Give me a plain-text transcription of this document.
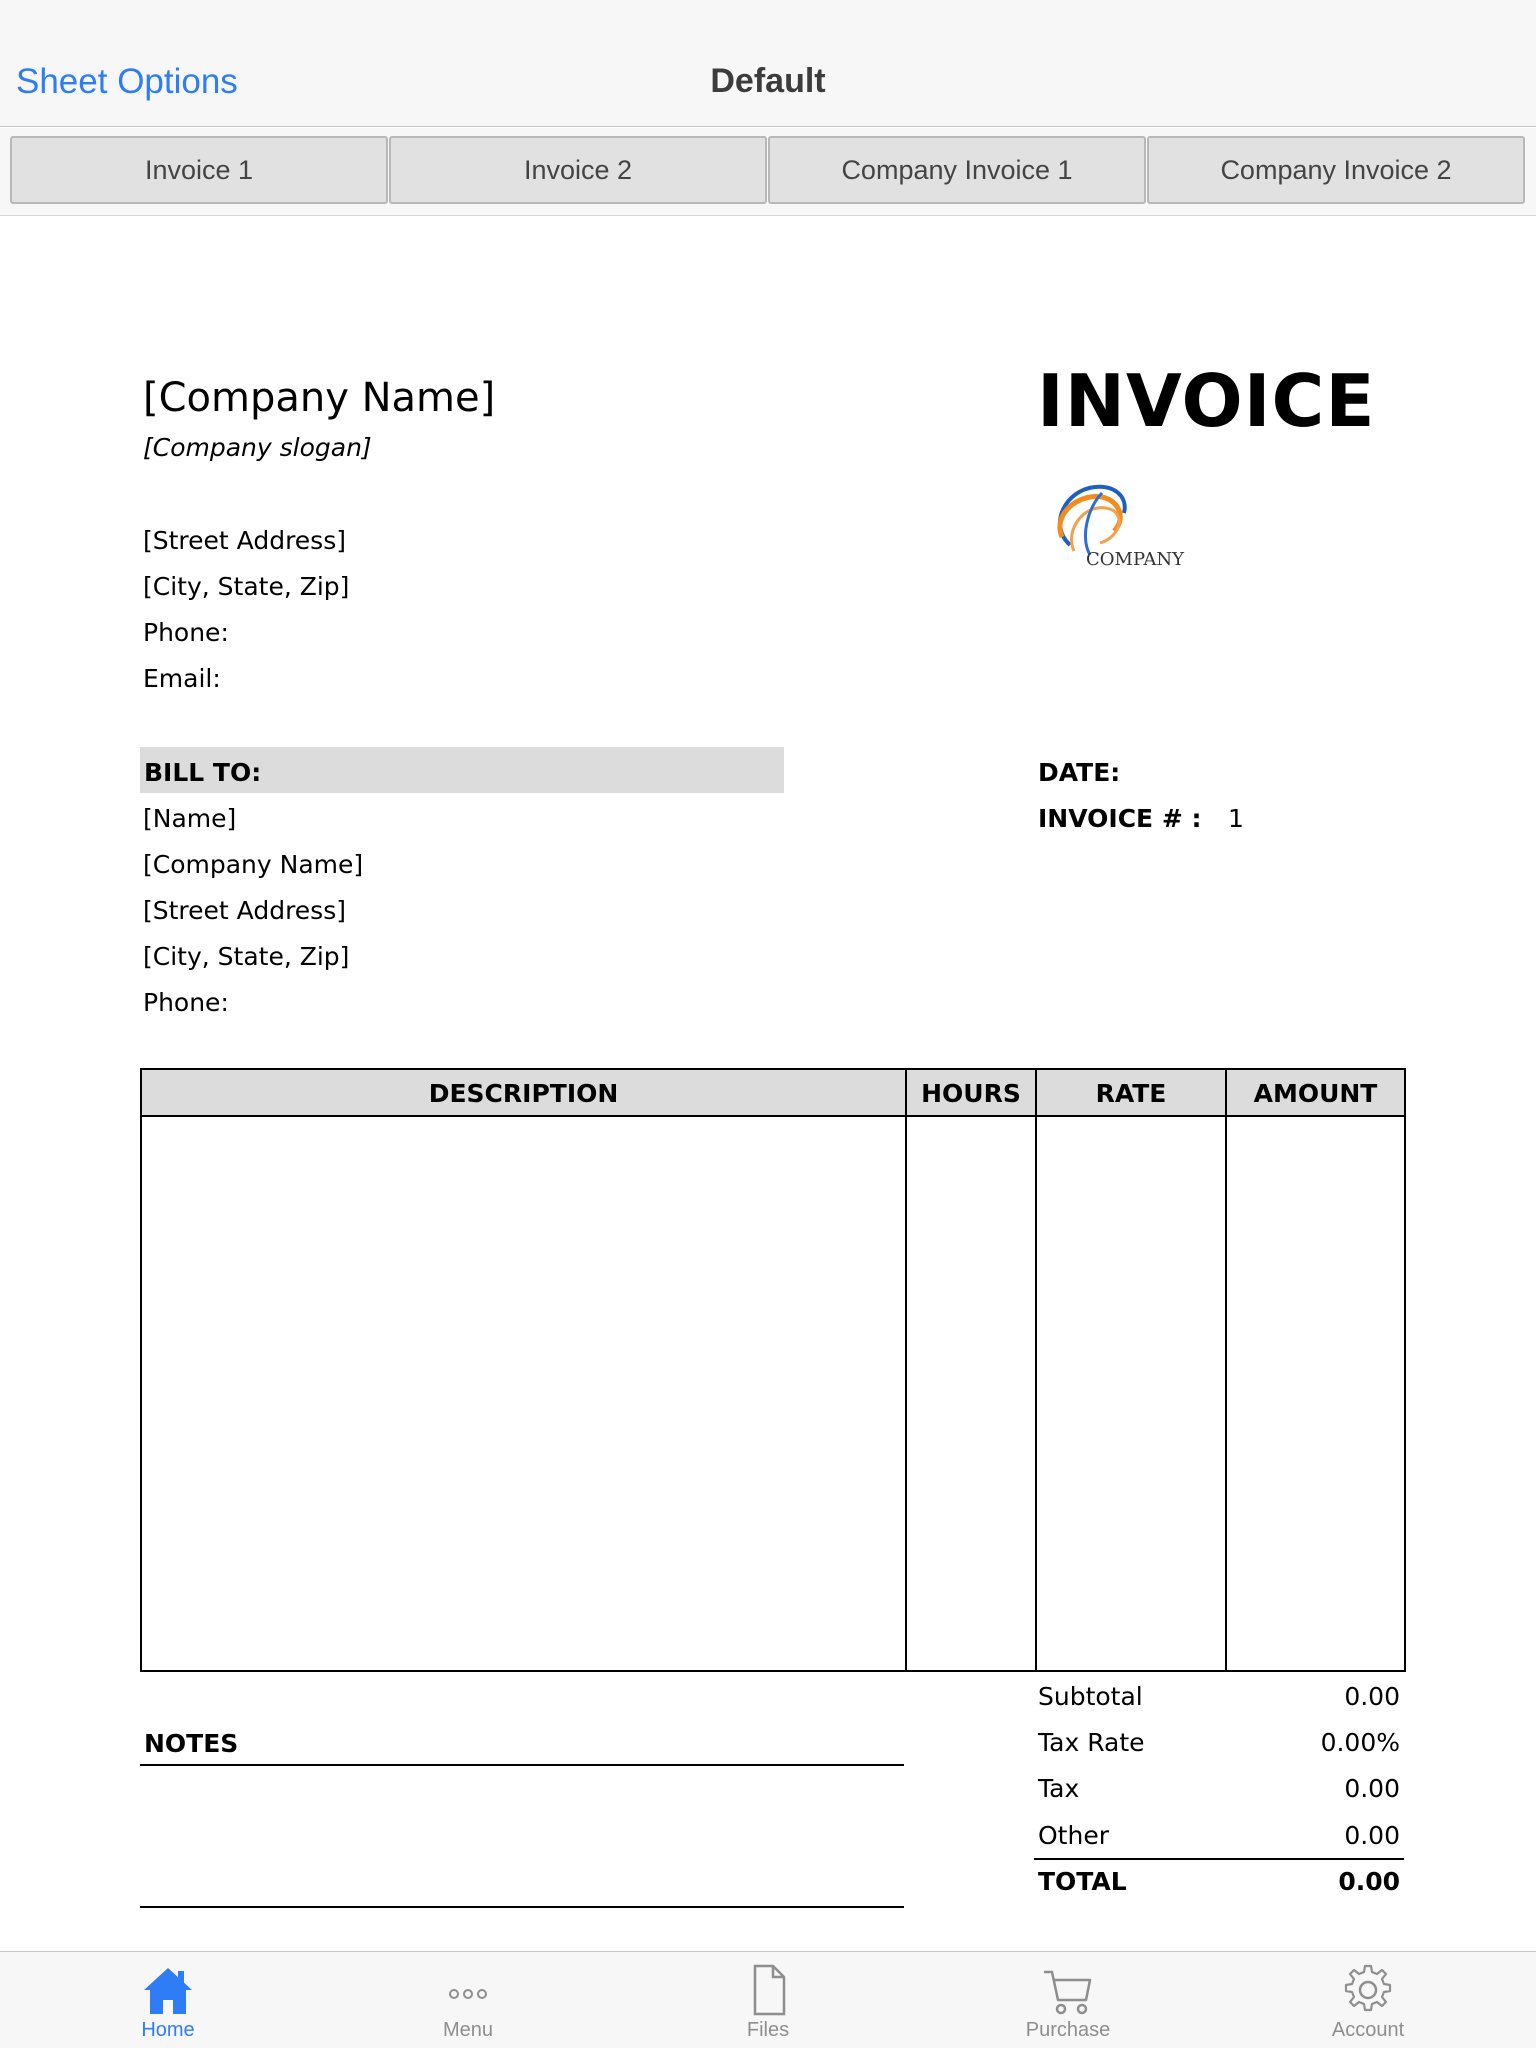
Sheet Options	Default
Invoice 1	Invoice 2	Company Invoice 1	Company Invoice 2
[Company Name]
[Company slogan]
[Street Address]
[City, State, Zip]
Phone:
Email:
INVOICE
COMPANY
BILL TO:
[Name]
[Company Name]
[Street Address]
[City, State, Zip]
Phone:
DATE:
INVOICE # : 1
DESCRIPTION	HOURS	RATE	AMOUNT
NOTES
Subtotal	0.00
Tax Rate	0.00%
Tax	0.00
Other	0.00
TOTAL	0.00
Home	Menu	Files	Purchase	Account
